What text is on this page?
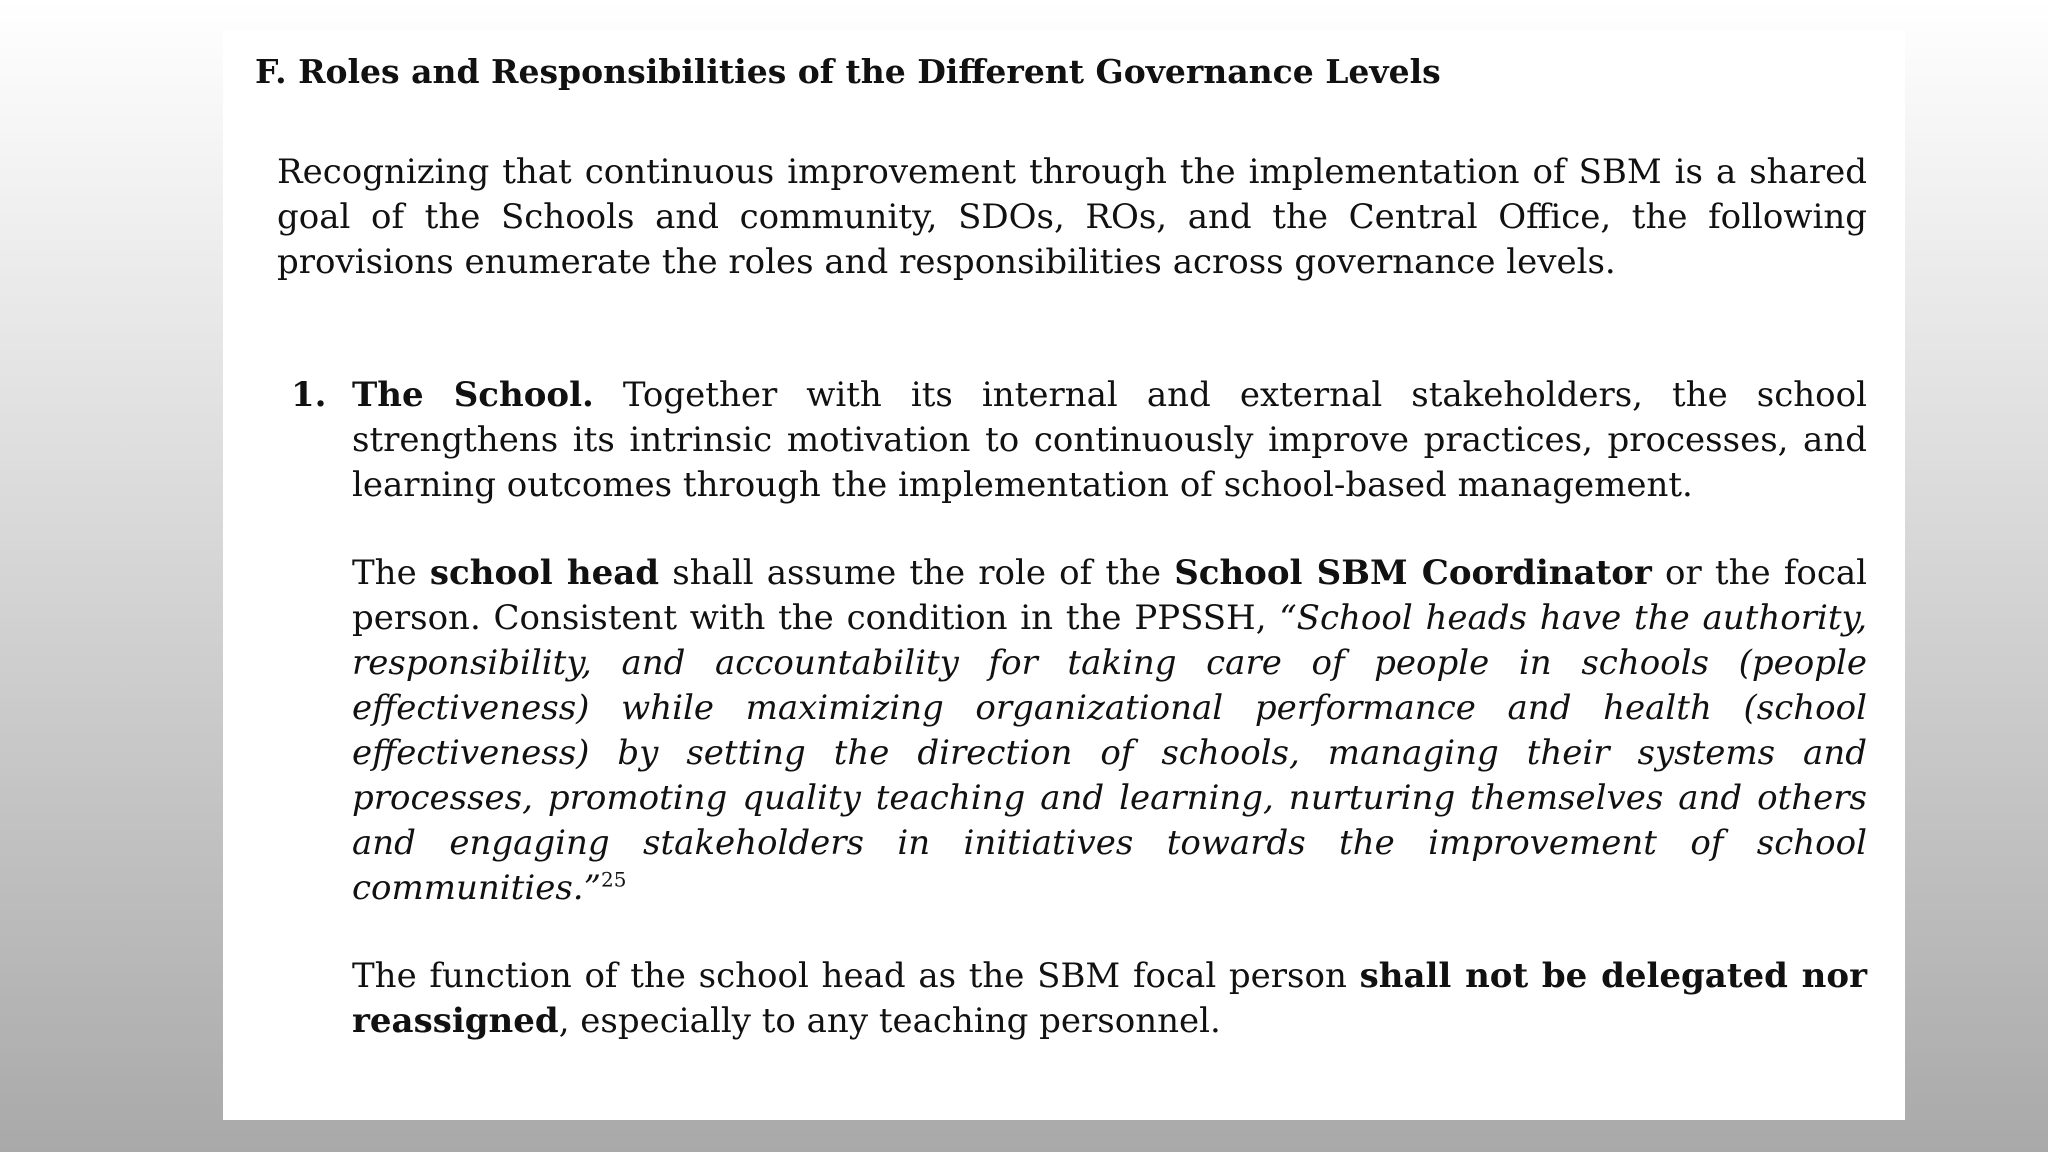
F. Roles and Responsibilities of the Different Governance Levels

Recognizing that continuous improvement through the implementation of SBM is a shared goal of the Schools and community, SDOs, ROs, and the Central Office, the following provisions enumerate the roles and responsibilities across governance levels.

1. The School. Together with its internal and external stakeholders, the school strengthens its intrinsic motivation to continuously improve practices, processes, and learning outcomes through the implementation of school-based management.

The school head shall assume the role of the School SBM Coordinator or the focal person. Consistent with the condition in the PPSSH, “School heads have the authority, responsibility, and accountability for taking care of people in schools (people effectiveness) while maximizing organizational performance and health (school effectiveness) by setting the direction of schools, managing their systems and processes, promoting quality teaching and learning, nurturing themselves and others and engaging stakeholders in initiatives towards the improvement of school communities.”$^{25}$

The function of the school head as the SBM focal person shall not be delegated nor reassigned, especially to any teaching personnel.
